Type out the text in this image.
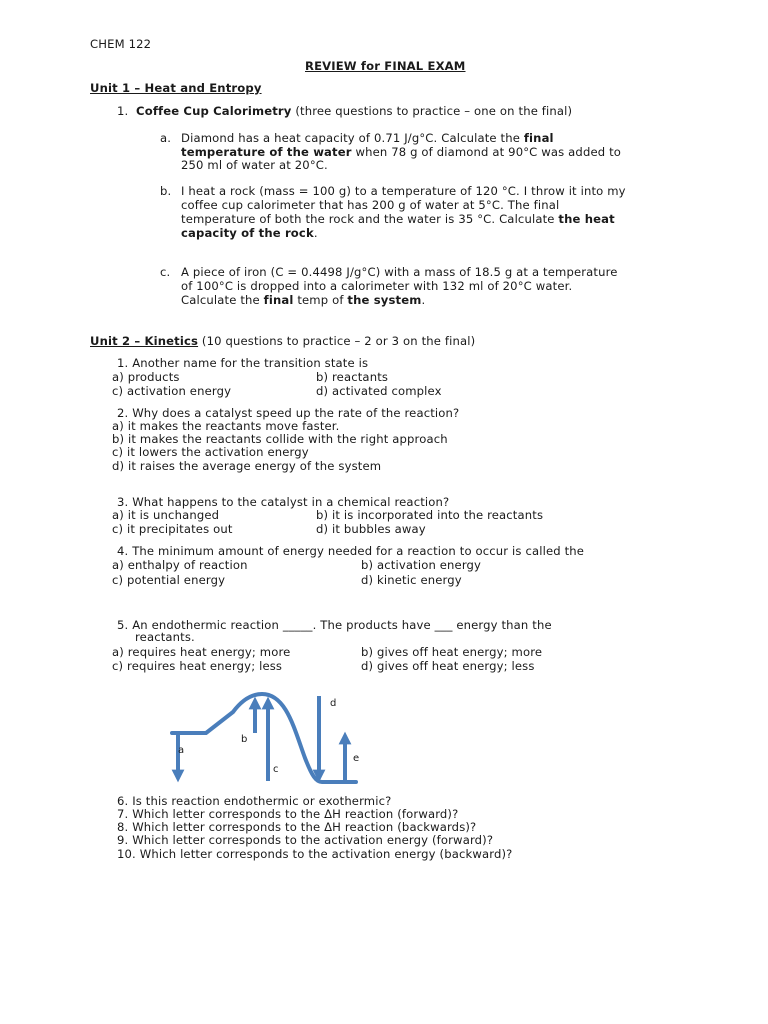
CHEM 122
REVIEW for FINAL EXAM
Unit 1 – Heat and Entropy
1. Coffee Cup Calorimetry (three questions to practice – one on the final)
a. Diamond has a heat capacity of 0.71 J/g°C. Calculate the final
temperature of the water when 78 g of diamond at 90°C was added to
250 ml of water at 20°C.
b. I heat a rock (mass = 100 g) to a temperature of 120 °C. I throw it into my
coffee cup calorimeter that has 200 g of water at 5°C. The final
temperature of both the rock and the water is 35 °C. Calculate the heat
capacity of the rock.
c. A piece of iron (C = 0.4498 J/g°C) with a mass of 18.5 g at a temperature
of 100°C is dropped into a calorimeter with 132 ml of 20°C water.
Calculate the final temp of the system.
Unit 2 – Kinetics (10 questions to practice – 2 or 3 on the final)
1. Another name for the transition state is
a) products	b) reactants
c) activation energy	d) activated complex
2. Why does a catalyst speed up the rate of the reaction?
a) it makes the reactants move faster.
b) it makes the reactants collide with the right approach
c) it lowers the activation energy
d) it raises the average energy of the system
3. What happens to the catalyst in a chemical reaction?
a) it is unchanged	b) it is incorporated into the reactants
c) it precipitates out	d) it bubbles away
4. The minimum amount of energy needed for a reaction to occur is called the
a) enthalpy of reaction	b) activation energy
c) potential energy	d) kinetic energy
5. An endothermic reaction _____. The products have ___ energy than the
reactants.
a) requires heat energy; more	b) gives off heat energy; more
c) requires heat energy; less	d) gives off heat energy; less
a
b
c
d
e
6. Is this reaction endothermic or exothermic?
7. Which letter corresponds to the ΔH reaction (forward)?
8. Which letter corresponds to the ΔH reaction (backwards)?
9. Which letter corresponds to the activation energy (forward)?
10. Which letter corresponds to the activation energy (backward)?
